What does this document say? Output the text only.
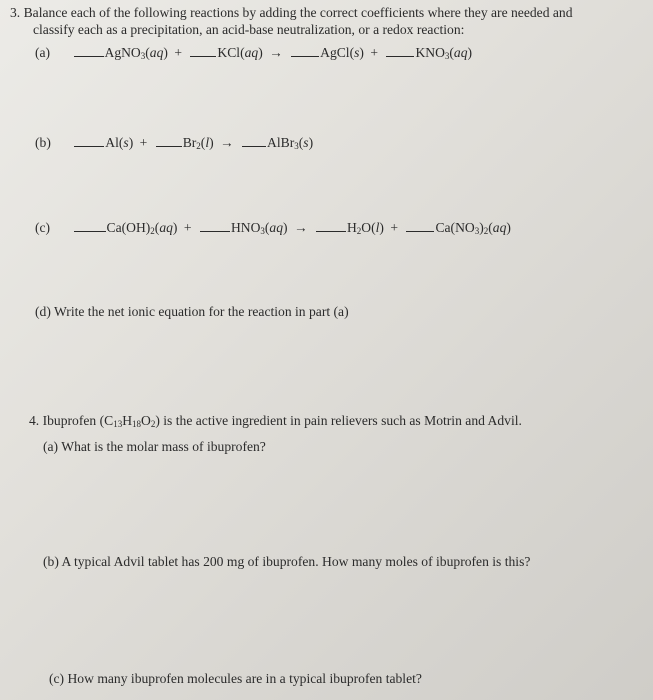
3. Balance each of the following reactions by adding the correct coefficients where they are needed and
classify each as a precipitation, an acid-base neutralization, or a redox reaction:
(a)	AgNO$_3$(aq) +	KCl(aq) →	AgCl(s) +	$KNO_3(aq)$
(b)	Al(s) +	$Br_2(l)$ → AlBr$_3$(s)
(c)	$Ca(OH)_2(aq)$ +	$HNO_3(aq)$ →	$H_2O(l)$ +	$Ca(NO_3)_2(aq)$
(d) Write the net ionic equation for the reaction in part (a)
4. Ibuprofen $(C_{13}H_{18}O_2)$ is the active ingredient in pain relievers such as Motrin and Advil.
(a) What is the molar mass of ibuprofen?
(b) A typical Advil tablet has 200 mg of ibuprofen. How many moles of ibuprofen is this?
(c) How many ibuprofen molecules are in a typical ibuprofen tablet?
